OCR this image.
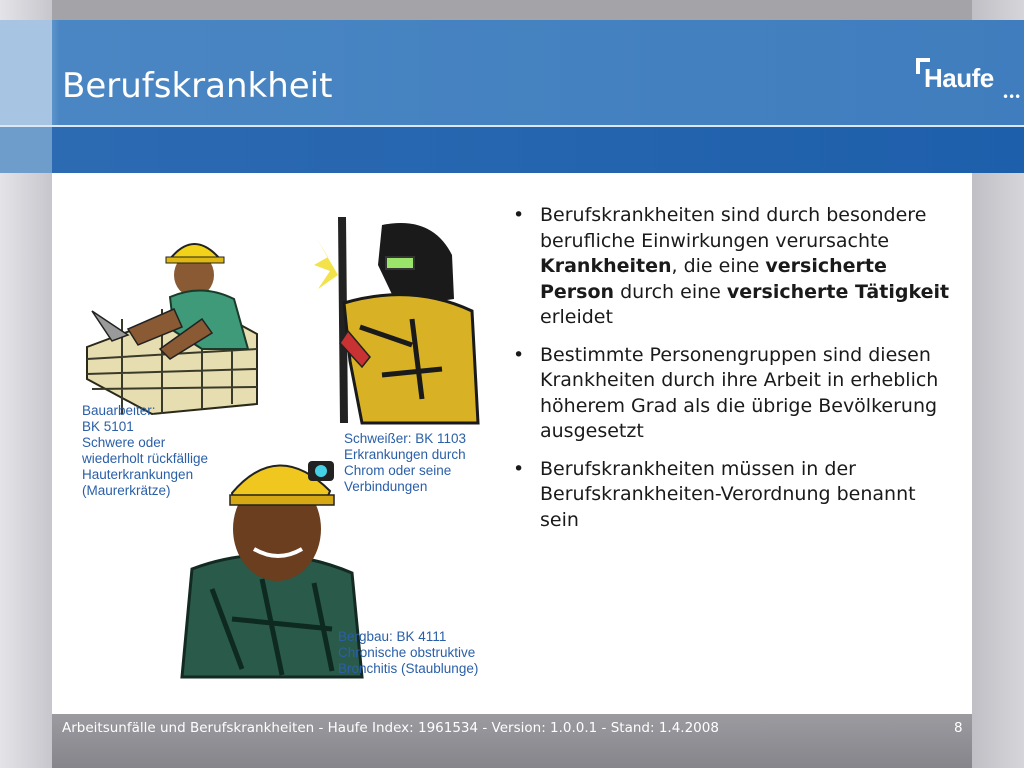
Berufskrankheit	Haufe
•••
Bauarbeiter:
BK 5101
Schwere oder
wiederholt rückfällige
Hauterkrankungen
(Maurerkrätze)
Schweißer: BK 1103
Erkrankungen durch
Chrom oder seine
Verbindungen
Bergbau: BK 4111
Chronische obstruktive
Bronchitis (Staublunge)
• Berufskrankheiten sind durch besondere berufliche Einwirkungen verursachte Krankheiten, die eine versicherte Person durch eine versicherte Tätigkeit erleidet
• Bestimmte Personengruppen sind diesen Krankheiten durch ihre Arbeit in erheblich höherem Grad als die übrige Bevölkerung ausgesetzt
• Berufskrankheiten müssen in der Berufskrankheiten-Verordnung benannt sein
Arbeitsunfälle und Berufskrankheiten - Haufe Index: 1961534 - Version: 1.0.0.1 - Stand: 1.4.2008	8
